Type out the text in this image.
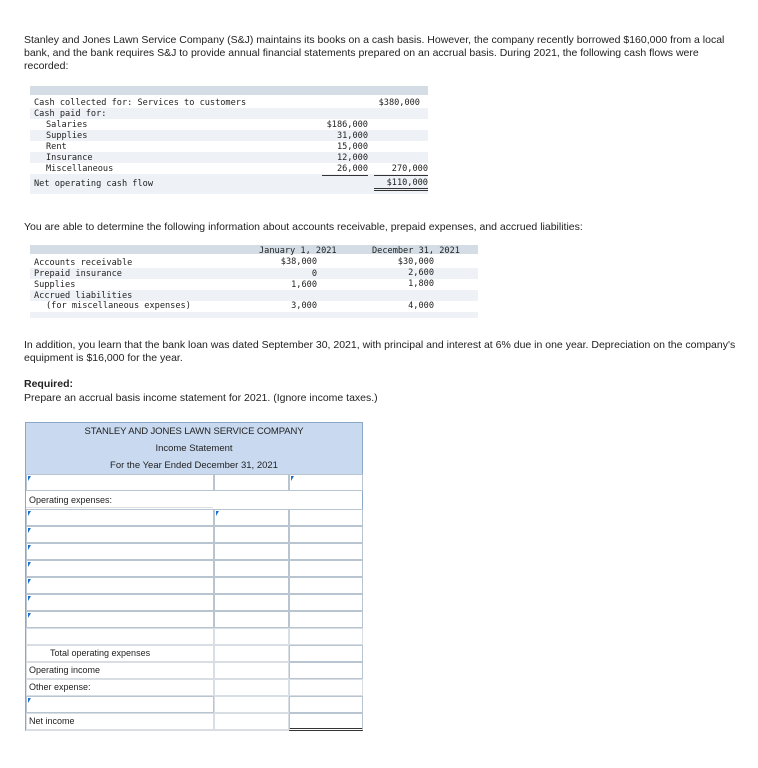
Stanley and Jones Lawn Service Company (S&J) maintains its books on a cash basis. However, the company recently borrowed $160,000 from a local bank, and the bank requires S&J to provide annual financial statements prepared on an accrual basis. During 2021, the following cash flows were recorded:

Cash collected for: Services to customers	$380,000
Cash paid for:
Salaries	$186,000
Supplies	31,000
Rent	15,000
Insurance	12,000
Miscellaneous	26,000	270,000
Net operating cash flow	$110,000

You are able to determine the following information about accounts receivable, prepaid expenses, and accrued liabilities:

January 1, 2021	December 31, 2021
Accounts receivable	$38,000	$30,000
Prepaid insurance	0	2,600
Supplies	1,600	1,800
Accrued liabilities
(for miscellaneous expenses)	3,000	4,000

In addition, you learn that the bank loan was dated September 30, 2021, with principal and interest at 6% due in one year. Depreciation on the company's equipment is $16,000 for the year.

Required:

Prepare an accrual basis income statement for 2021. (Ignore income taxes.)

STANLEY AND JONES LAWN SERVICE COMPANY
Income Statement
For the Year Ended December 31, 2021
Operating expenses:
Total operating expenses
Operating income
Other expense:
Net income
